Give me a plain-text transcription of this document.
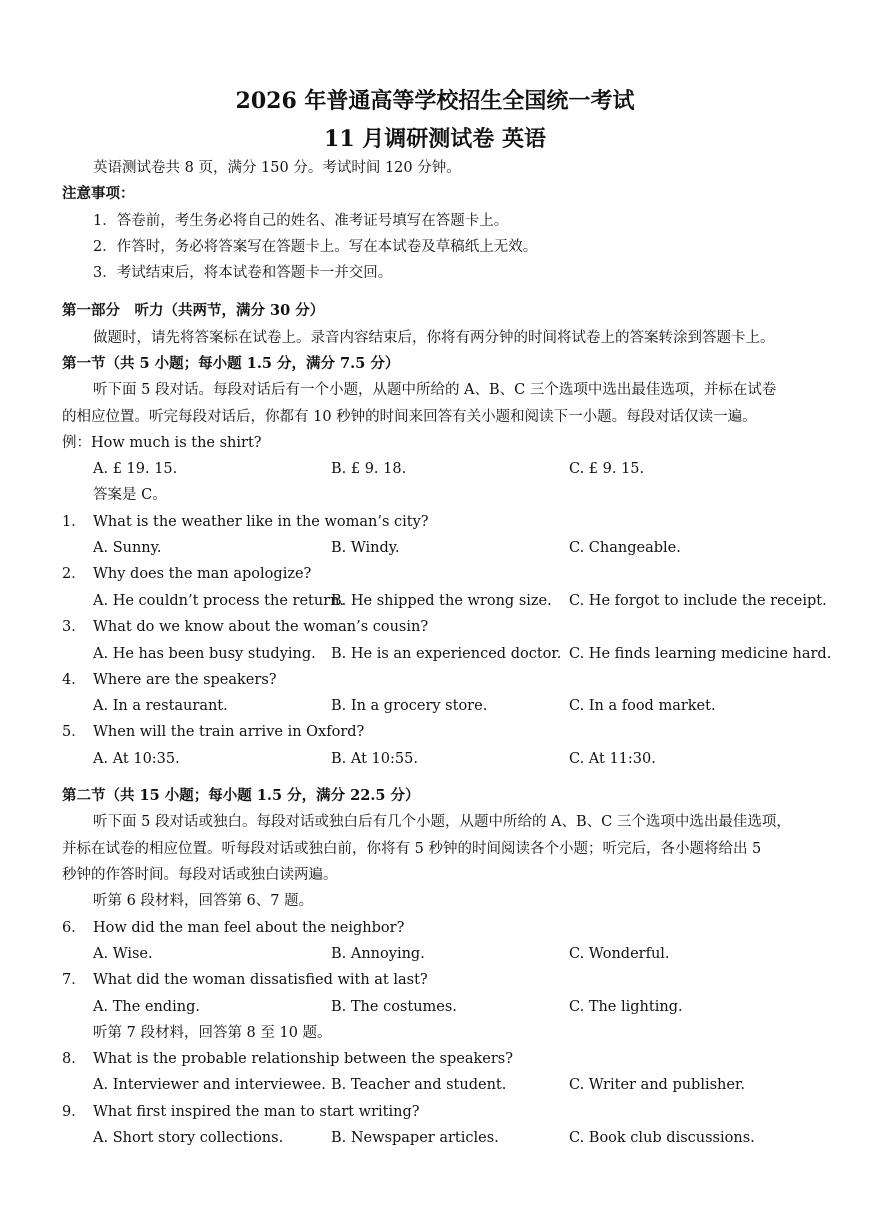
2026 年普通高等学校招生全国统一考试
11 月调研测试卷 英语
英语测试卷共 8 页，满分 150 分。考试时间 120 分钟。
注意事项：
1．答卷前，考生务必将自己的姓名、准考证号填写在答题卡上。
2．作答时，务必将答案写在答题卡上。写在本试卷及草稿纸上无效。
3．考试结束后，将本试卷和答题卡一并交回。
第一部分　听力（共两节，满分 30 分）
做题时，请先将答案标在试卷上。录音内容结束后，你将有两分钟的时间将试卷上的答案转涂到答题卡上。
第一节（共 5 小题；每小题 1.5 分，满分 7.5 分）
听下面 5 段对话。每段对话后有一个小题，从题中所给的 A、B、C 三个选项中选出最佳选项，并标在试卷
的相应位置。听完每段对话后，你都有 10 秒钟的时间来回答有关小题和阅读下一小题。每段对话仅读一遍。
例：How much is the shirt?
A. £ 19. 15.	B. £ 9. 18.	C. £ 9. 15.
答案是 C。
1． What is the weather like in the woman’s city?
A. Sunny.	B. Windy.	C. Changeable.
2． Why does the man apologize?
A. He couldn’t process the return.
B. He shipped the wrong size. C. He forgot to include the receipt.
3． What do we know about the woman’s cousin?
A. He has been busy studying. B. He is an experienced doctor. C. He finds learning medicine hard.
4． Where are the speakers?
A. In a restaurant.	B. In a grocery store.	C. In a food market.
5． When will the train arrive in Oxford?
A. At 10:35.	B. At 10:55.	C. At 11:30.
第二节（共 15 小题；每小题 1.5 分，满分 22.5 分）
听下面 5 段对话或独白。每段对话或独白后有几个小题，从题中所给的 A、B、C 三个选项中选出最佳选项，
并标在试卷的相应位置。听每段对话或独白前，你将有 5 秒钟的时间阅读各个小题；听完后，各小题将给出 5
秒钟的作答时间。每段对话或独白读两遍。
听第 6 段材料，回答第 6、7 题。
6． How did the man feel about the neighbor?
A. Wise.	B. Annoying.	C. Wonderful.
7． What did the woman dissatisfied with at last?
A. The ending.	B. The costumes.	C. The lighting.
听第 7 段材料，回答第 8 至 10 题。
8． What is the probable relationship between the speakers?
A. Interviewer and interviewee. B. Teacher and student.	C. Writer and publisher.
9． What first inspired the man to start writing?
A. Short story collections.	B. Newspaper articles.	C. Book club discussions.
